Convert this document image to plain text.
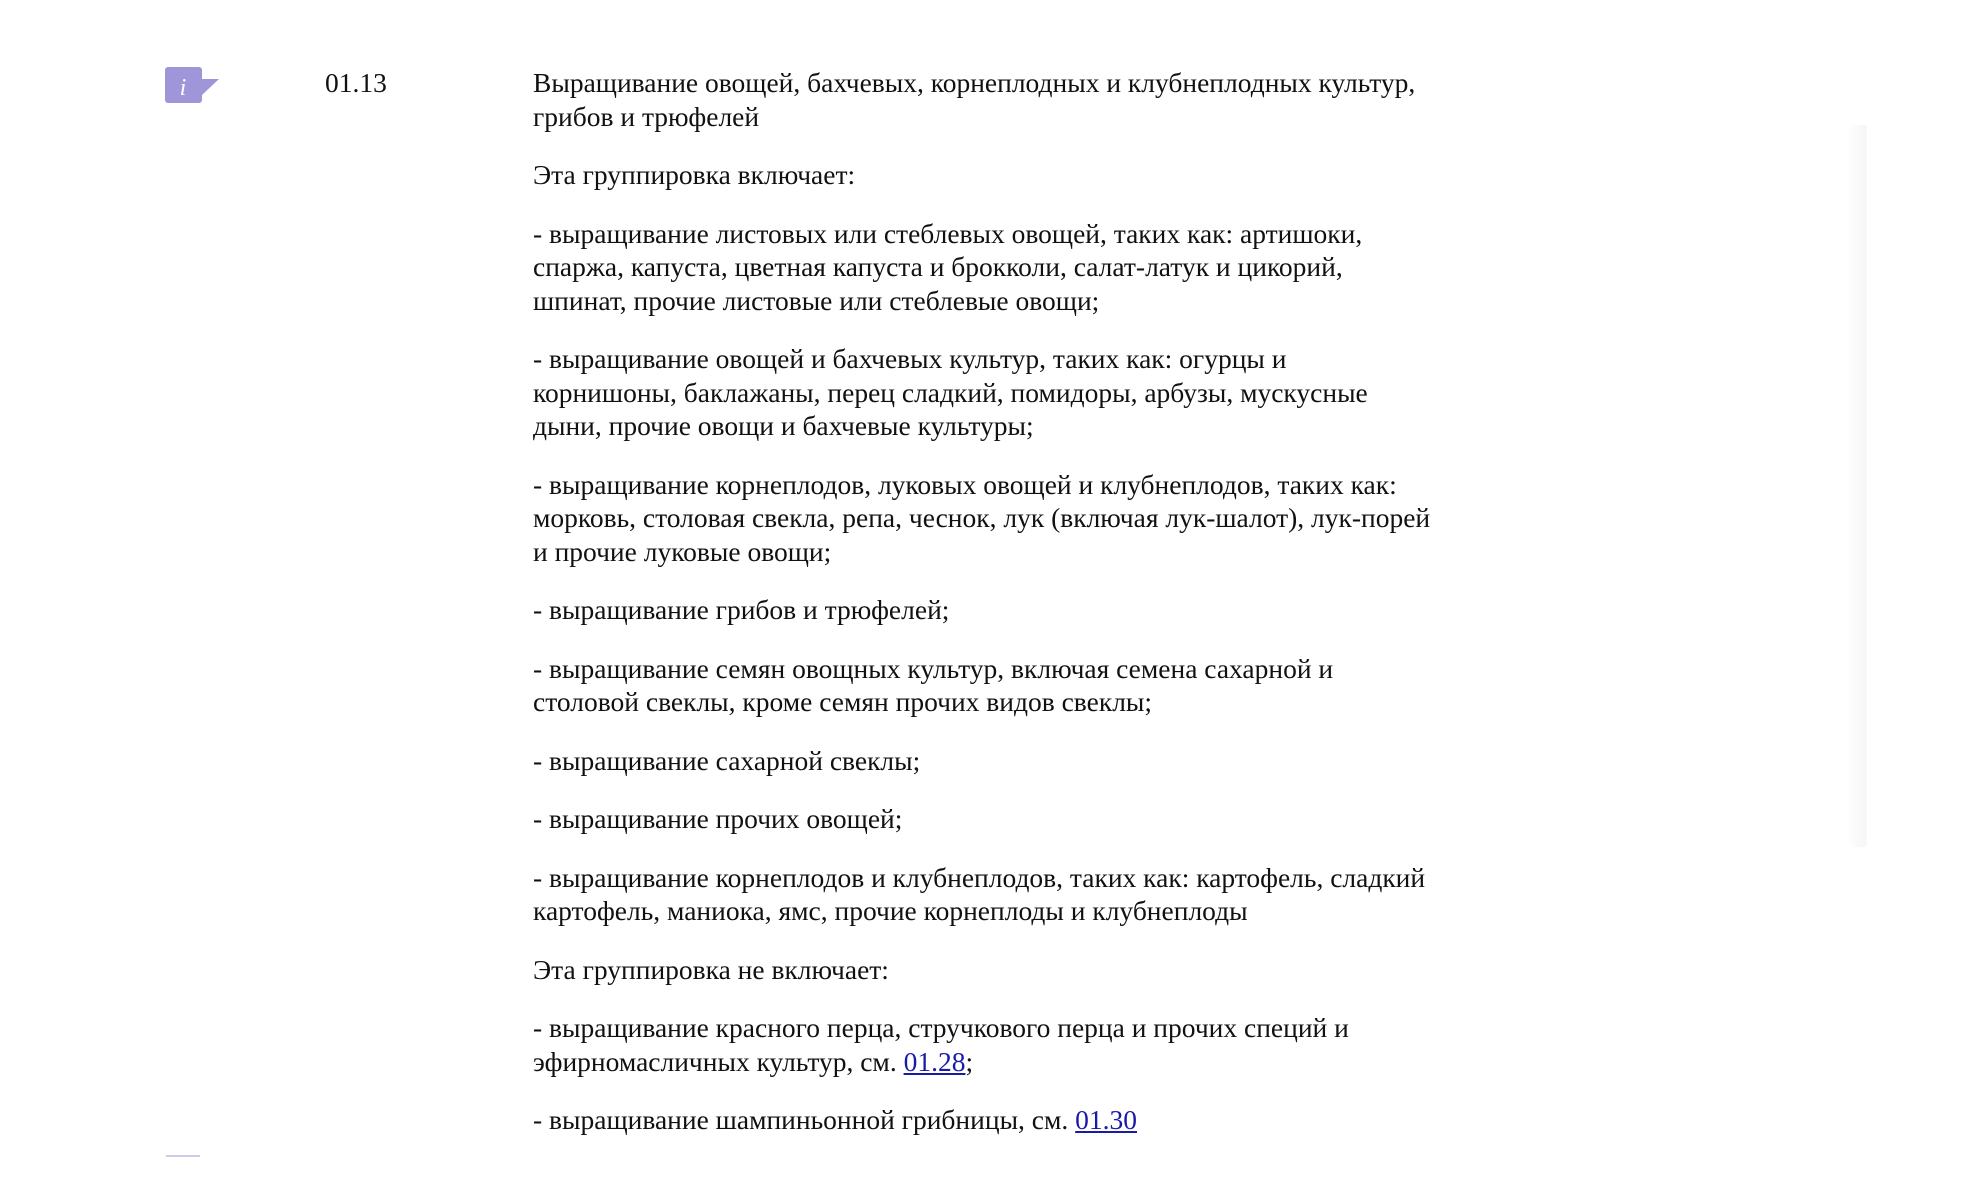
i	01.13	Выращивание овощей, бахчевых, корнеплодных и клубнеплодных культур, грибов и трюфелей

Эта группировка включает:

- выращивание листовых или стеблевых овощей, таких как: артишоки, спаржа, капуста, цветная капуста и брокколи, салат-латук и цикорий, шпинат, прочие листовые или стеблевые овощи;

- выращивание овощей и бахчевых культур, таких как: огурцы и корнишоны, баклажаны, перец сладкий, помидоры, арбузы, мускусные дыни, прочие овощи и бахчевые культуры;

- выращивание корнеплодов, луковых овощей и клубнеплодов, таких как: морковь, столовая свекла, репа, чеснок, лук (включая лук-шалот), лук-порей и прочие луковые овощи;

- выращивание грибов и трюфелей;

- выращивание семян овощных культур, включая семена сахарной и столовой свеклы, кроме семян прочих видов свеклы;

- выращивание сахарной свеклы;

- выращивание прочих овощей;

- выращивание корнеплодов и клубнеплодов, таких как: картофель, сладкий картофель, маниока, ямс, прочие корнеплоды и клубнеплоды

Эта группировка не включает:

- выращивание красного перца, стручкового перца и прочих специй и эфирномасличных культур, см. 01.28;

- выращивание шампиньонной грибницы, см. 01.30
